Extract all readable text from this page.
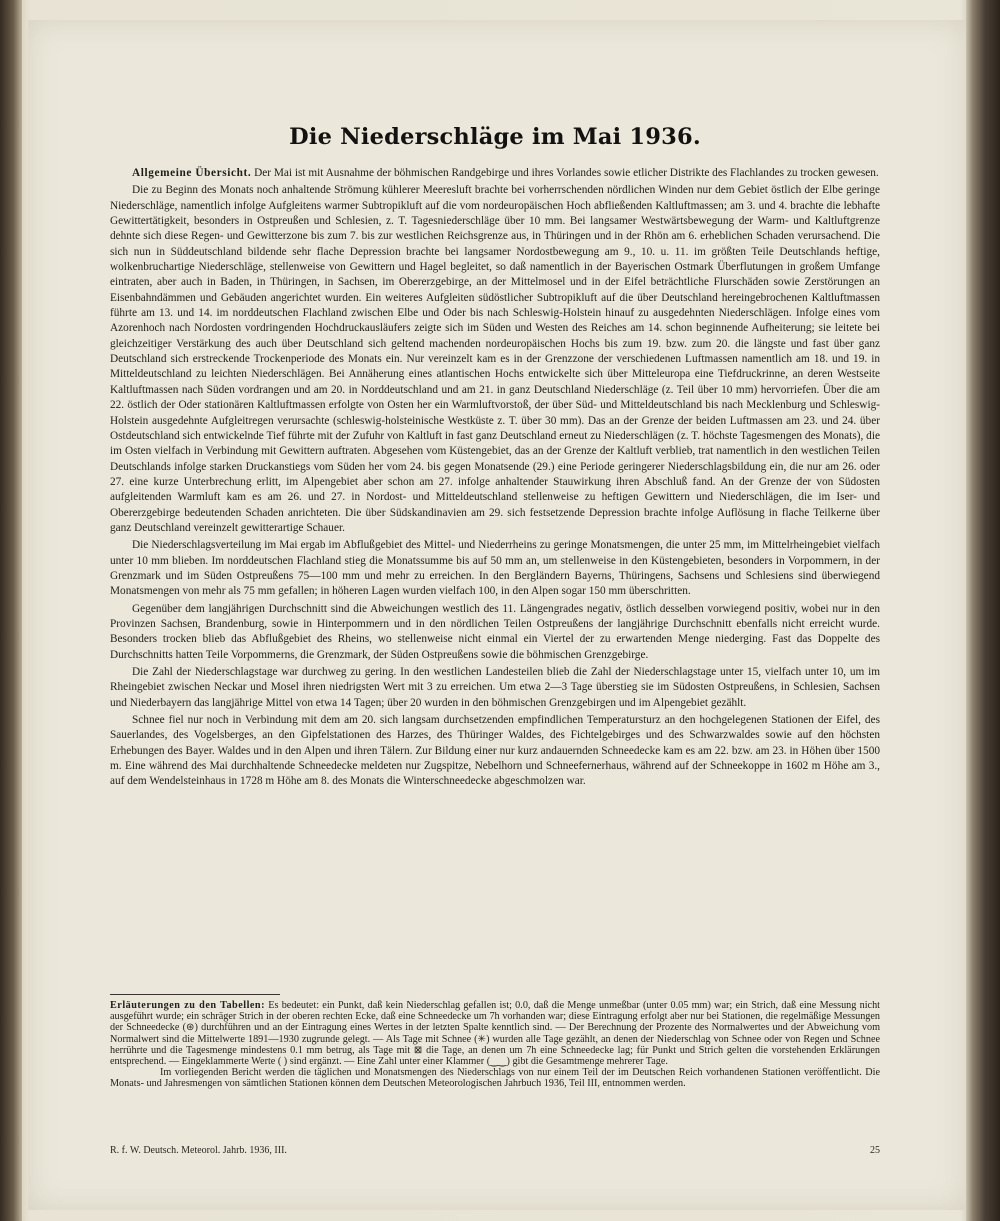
Die Niederschläge im Mai 1936.

Allgemeine Übersicht. Der Mai ist mit Ausnahme der böhmischen Randgebirge und ihres Vorlandes sowie etlicher Distrikte des Flachlandes zu trocken gewesen.

Die zu Beginn des Monats noch anhaltende Strömung kühlerer Meeresluft brachte bei vorherrschenden nördlichen Winden nur dem Gebiet östlich der Elbe geringe Niederschläge, namentlich infolge Aufgleitens warmer Subtropikluft auf die vom nordeuropäischen Hoch abfließenden Kaltluftmassen; am 3. und 4. brachte die lebhafte Gewittertätigkeit, besonders in Ostpreußen und Schlesien, z. T. Tagesniederschläge über 10 mm. Bei langsamer Westwärtsbewegung der Warm- und Kaltluftgrenze dehnte sich diese Regen- und Gewitterzone bis zum 7. bis zur westlichen Reichsgrenze aus, in Thüringen und in der Rhön am 6. erheblichen Schaden verursachend. Die sich nun in Süddeutschland bildende sehr flache Depression brachte bei langsamer Nordostbewegung am 9., 10. u. 11. im größten Teile Deutschlands heftige, wolkenbruchartige Niederschläge, stellenweise von Gewittern und Hagel begleitet, so daß namentlich in der Bayerischen Ostmark Überflutungen in großem Umfange eintraten, aber auch in Baden, in Thüringen, in Sachsen, im Obererzgebirge, an der Mittelmosel und in der Eifel beträchtliche Flurschäden sowie Zerstörungen an Eisenbahndämmen und Gebäuden angerichtet wurden. Ein weiteres Aufgleiten südöstlicher Subtropikluft auf die über Deutschland hereingebrochenen Kaltluftmassen führte am 13. und 14. im norddeutschen Flachland zwischen Elbe und Oder bis nach Schleswig-Holstein hinauf zu ausgedehnten Niederschlägen. Infolge eines vom Azorenhoch nach Nordosten vordringenden Hochdruckausläufers zeigte sich im Süden und Westen des Reiches am 14. schon beginnende Aufheiterung; sie leitete bei gleichzeitiger Verstärkung des auch über Deutschland sich geltend machenden nordeuropäischen Hochs bis zum 19. bzw. zum 20. die längste und fast über ganz Deutschland sich erstreckende Trockenperiode des Monats ein. Nur vereinzelt kam es in der Grenzzone der verschiedenen Luftmassen namentlich am 18. und 19. in Mitteldeutschland zu leichten Niederschlägen. Bei Annäherung eines atlantischen Hochs entwickelte sich über Mitteleuropa eine Tiefdruckrinne, an deren Westseite Kaltluftmassen nach Süden vordrangen und am 20. in Norddeutschland und am 21. in ganz Deutschland Niederschläge (z. Teil über 10 mm) hervorriefen. Über die am 22. östlich der Oder stationären Kaltluftmassen erfolgte von Osten her ein Warmluftvorstoß, der über Süd- und Mitteldeutschland bis nach Mecklenburg und Schleswig-Holstein ausgedehnte Aufgleitregen verursachte (schleswig-holsteinische Westküste z. T. über 30 mm). Das an der Grenze der beiden Luftmassen am 23. und 24. über Ostdeutschland sich entwickelnde Tief führte mit der Zufuhr von Kaltluft in fast ganz Deutschland erneut zu Niederschlägen (z. T. höchste Tagesmengen des Monats), die im Osten vielfach in Verbindung mit Gewittern auftraten. Abgesehen vom Küstengebiet, das an der Grenze der Kaltluft verblieb, trat namentlich in den westlichen Teilen Deutschlands infolge starken Druckanstiegs vom Süden her vom 24. bis gegen Monatsende (29.) eine Periode geringerer Niederschlagsbildung ein, die nur am 26. oder 27. eine kurze Unterbrechung erlitt, im Alpengebiet aber schon am 27. infolge anhaltender Stauwirkung ihren Abschluß fand. An der Grenze der von Südosten aufgleitenden Warmluft kam es am 26. und 27. in Nordost- und Mitteldeutschland stellenweise zu heftigen Gewittern und Niederschlägen, die im Iser- und Obererzgebirge bedeutenden Schaden anrichteten. Die über Südskandinavien am 29. sich festsetzende Depression brachte infolge Auflösung in flache Teilkerne über ganz Deutschland vereinzelt gewitterartige Schauer.

Die Niederschlagsverteilung im Mai ergab im Abflußgebiet des Mittel- und Niederrheins zu geringe Monatsmengen, die unter 25 mm, im Mittelrheingebiet vielfach unter 10 mm blieben. Im norddeutschen Flachland stieg die Monatssumme bis auf 50 mm an, um stellenweise in den Küstengebieten, besonders in Vorpommern, in der Grenzmark und im Süden Ostpreußens 75—100 mm und mehr zu erreichen. In den Bergländern Bayerns, Thüringens, Sachsens und Schlesiens sind überwiegend Monatsmengen von mehr als 75 mm gefallen; in höheren Lagen wurden vielfach 100, in den Alpen sogar 150 mm überschritten.

Gegenüber dem langjährigen Durchschnitt sind die Abweichungen westlich des 11. Längengrades negativ, östlich desselben vorwiegend positiv, wobei nur in den Provinzen Sachsen, Brandenburg, sowie in Hinterpommern und in den nördlichen Teilen Ostpreußens der langjährige Durchschnitt ebenfalls nicht erreicht wurde. Besonders trocken blieb das Abflußgebiet des Rheins, wo stellenweise nicht einmal ein Viertel der zu erwartenden Menge niederging. Fast das Doppelte des Durchschnitts hatten Teile Vorpommerns, die Grenzmark, der Süden Ostpreußens sowie die böhmischen Grenzgebirge.

Die Zahl der Niederschlagstage war durchweg zu gering. In den westlichen Landesteilen blieb die Zahl der Niederschlagstage unter 15, vielfach unter 10, um im Rheingebiet zwischen Neckar und Mosel ihren niedrigsten Wert mit 3 zu erreichen. Um etwa 2—3 Tage überstieg sie im Südosten Ostpreußens, in Schlesien, Sachsen und Niederbayern das langjährige Mittel von etwa 14 Tagen; über 20 wurden in den böhmischen Grenzgebirgen und im Alpengebiet gezählt.

Schnee fiel nur noch in Verbindung mit dem am 20. sich langsam durchsetzenden empfindlichen Temperatursturz an den hochgelegenen Stationen der Eifel, des Sauerlandes, des Vogelsberges, an den Gipfelstationen des Harzes, des Thüringer Waldes, des Fichtelgebirges und des Schwarzwaldes sowie auf den höchsten Erhebungen des Bayer. Waldes und in den Alpen und ihren Tälern. Zur Bildung einer nur kurz andauernden Schneedecke kam es am 22. bzw. am 23. in Höhen über 1500 m. Eine während des Mai durchhaltende Schneedecke meldeten nur Zugspitze, Nebelhorn und Schneefernerhaus, während auf der Schneekoppe in 1602 m Höhe am 3., auf dem Wendelsteinhaus in 1728 m Höhe am 8. des Monats die Winterschneedecke abgeschmolzen war.

Erläuterungen zu den Tabellen: Es bedeutet: ein Punkt, daß kein Niederschlag gefallen ist; 0.0, daß die Menge unmeßbar (unter 0.05 mm) war; ein Strich, daß eine Messung nicht ausgeführt wurde; ein schräger Strich in der oberen rechten Ecke, daß eine Schneedecke um 7h vorhanden war; diese Eintragung erfolgt aber nur bei Stationen, die regelmäßige Messungen der Schneedecke (⊛) durchführen und an der Eintragung eines Wertes in der letzten Spalte kenntlich sind. — Der Berechnung der Prozente des Normalwertes und der Abweichung vom Normalwert sind die Mittelwerte 1891—1930 zugrunde gelegt. — Als Tage mit Schnee (✳) wurden alle Tage gezählt, an denen der Niederschlag von Schnee oder von Regen und Schnee herrührte und die Tagesmenge mindestens 0.1 mm betrug, als Tage mit ⊠ die Tage, an denen um 7h eine Schneedecke lag; für Punkt und Strich gelten die vorstehenden Erklärungen entsprechend. — Eingeklammerte Werte ( ) sind ergänzt. — Eine Zahl unter einer Klammer (‿‿) gibt die Gesamtmenge mehrerer Tage.
Im vorliegenden Bericht werden die täglichen und Monatsmengen des Niederschlags von nur einem Teil der im Deutschen Reich vorhandenen Stationen veröffentlicht. Die Monats- und Jahresmengen von sämtlichen Stationen können dem Deutschen Meteorologischen Jahrbuch 1936, Teil III, entnommen werden.
R. f. W. Deutsch. Meteorol. Jahrb. 1936, III.	25
